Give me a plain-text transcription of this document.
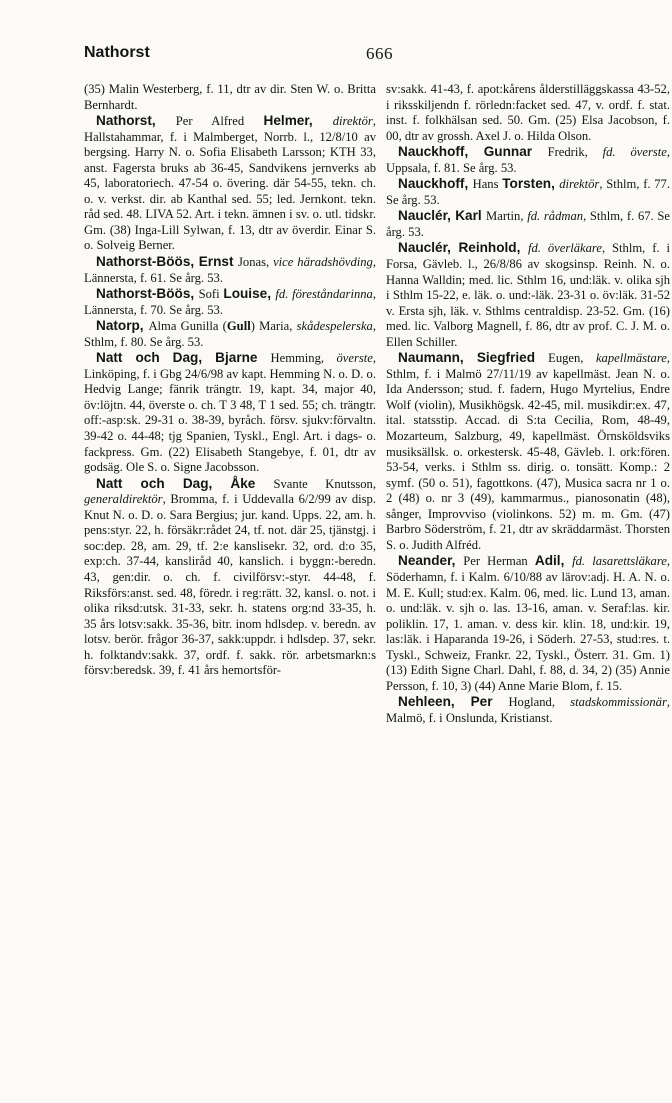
Nathorst	666

(35) Malin Westerberg, f. 11, dtr av dir. Sten W. o. Britta Bernhardt.

Nathorst, Per Alfred Helmer, direktör, Hallstahammar, f. i Malmberget, Norrb. l., 12/8/10 av bergsing. Harry N. o. Sofia Elisabeth Larsson; KTH 33, anst. Fagersta bruks ab 36-45, Sandvikens jernverks ab 45, laboratoriech. 47-54 o. övering. där 54-55, tekn. ch. o. v. verkst. dir. ab Kanthal sed. 55; led. Jernkont. tekn. råd sed. 48. LIVA 52. Art. i tekn. ämnen i sv. o. utl. tidskr. Gm. (38) Inga-Lill Sylwan, f. 13, dtr av överdir. Einar S. o. Solveig Berner.

Nathorst-Böös, Ernst Jonas, vice häradshövding, Lännersta, f. 61. Se årg. 53.

Nathorst-Böös, Sofi Louise, fd. föreståndarinna, Lännersta, f. 70. Se årg. 53.

Natorp, Alma Gunilla (Gull) Maria, skådespelerska, Sthlm, f. 80. Se årg. 53.

Natt och Dag, Bjarne Hemming, överste, Linköping, f. i Gbg 24/6/98 av kapt. Hemming N. o. D. o. Hedvig Lange; fänrik trängtr. 19, kapt. 34, major 40, öv:löjtn. 44, överste o. ch. T 3 48, T 1 sed. 55; ch. trängtr. off:-asp:sk. 29-31 o. 38-39, byråch. försv. sjukv:förvaltn. 39-42 o. 44-48; tjg Spanien, Tyskl., Engl. Art. i dags- o. fackpress. Gm. (22) Elisabeth Stangebye, f. 01, dtr av godsäg. Ole S. o. Signe Jacobsson.

Natt och Dag, Åke Svante Knutsson, generaldirektör, Bromma, f. i Uddevalla 6/2/99 av disp. Knut N. o. D. o. Sara Bergius; jur. kand. Upps. 22, am. h. pens:styr. 22, h. försäkr:rådet 24, tf. not. där 25, tjänstgj. i soc:dep. 28, am. 29, tf. 2:e kanslisekr. 32, ord. d:o 35, exp:ch. 37-44, kansliråd 40, kanslich. i byggn:-beredn. 43, gen:dir. o. ch. f. civilförsv:-styr. 44-48, f. Riksförs:anst. sed. 48, föredr. i reg:rätt. 32, kansl. o. not. i olika riksd:utsk. 31-33, sekr. h. statens org:nd 33-35, h. 35 års lotsv:sakk. 35-36, bitr. inom hdlsdep. v. beredn. av lotsv. berör. frågor 36-37, sakk:uppdr. i hdlsdep. 37, sekr. h. folktandv:sakk. 37, ordf. f. sakk. rör. arbetsmarkn:s försv:beredsk. 39, f. 41 års hemortsför-

sv:sakk. 41-43, f. apot:kårens ålderstilläggskassa 43-52, i riksskiljendn f. rörledn:facket sed. 47, v. ordf. f. stat. inst. f. folkhälsan sed. 50. Gm. (25) Elsa Jacobson, f. 00, dtr av grossh. Axel J. o. Hilda Olson.

Nauckhoff, Gunnar Fredrik, fd. överste, Uppsala, f. 81. Se årg. 53.

Nauckhoff, Hans Torsten, direktör, Sthlm, f. 77. Se årg. 53.

Nauclér, Karl Martin, fd. rådman, Sthlm, f. 67. Se årg. 53.

Nauclér, Reinhold, fd. överläkare, Sthlm, f. i Forsa, Gävleb. l., 26/8/86 av skogsinsp. Reinh. N. o. Hanna Walldin; med. lic. Sthlm 16, und:läk. v. olika sjh i Sthlm 15-22, e. läk. o. und:-läk. 23-31 o. öv:läk. 31-52 v. Ersta sjh, läk. v. Sthlms centraldisp. 23-52. Gm. (16) med. lic. Valborg Magnell, f. 86, dtr av prof. C. J. M. o. Ellen Schiller.

Naumann, Siegfried Eugen, kapellmästare, Sthlm, f. i Malmö 27/11/19 av kapellmäst. Jean N. o. Ida Andersson; stud. f. fadern, Hugo Myrtelius, Endre Wolf (violin), Musikhögsk. 42-45, mil. musikdir:ex. 47, ital. statsstip. Accad. di S:ta Cecilia, Rom, 48-49, Mozarteum, Salzburg, 49, kapellmäst. Örnsköldsviks musiksällsk. o. orkestersk. 45-48, Gävleb. l. ork:fören. 53-54, verks. i Sthlm ss. dirig. o. tonsätt. Komp.: 2 symf. (50 o. 51), fagottkons. (47), Musica sacra nr 1 o. 2 (48) o. nr 3 (49), kammarmus., pianosonatin (48), sånger, Improvviso (violinkons. 52) m. m. Gm. (47) Barbro Söderström, f. 21, dtr av skräddarmäst. Thorsten S. o. Judith Alfréd.

Neander, Per Herman Adil, fd. lasarettsläkare, Söderhamn, f. i Kalm. 6/10/88 av lärov:adj. H. A. N. o. M. E. Kull; stud:ex. Kalm. 06, med. lic. Lund 13, aman. o. und:läk. v. sjh o. las. 13-16, aman. v. Seraf:las. kir. poliklin. 17, 1. aman. v. dess kir. klin. 18, und:kir. 19, las:läk. i Haparanda 19-26, i Söderh. 27-53, stud:res. t. Tyskl., Schweiz, Frankr. 22, Tyskl., Österr. 31. Gm. 1) (13) Edith Signe Charl. Dahl, f. 88, d. 34, 2) (35) Annie Persson, f. 10, 3) (44) Anne Marie Blom, f. 15.

Nehleen, Per Hogland, stadskommissionär, Malmö, f. i Onslunda, Kristianst.
